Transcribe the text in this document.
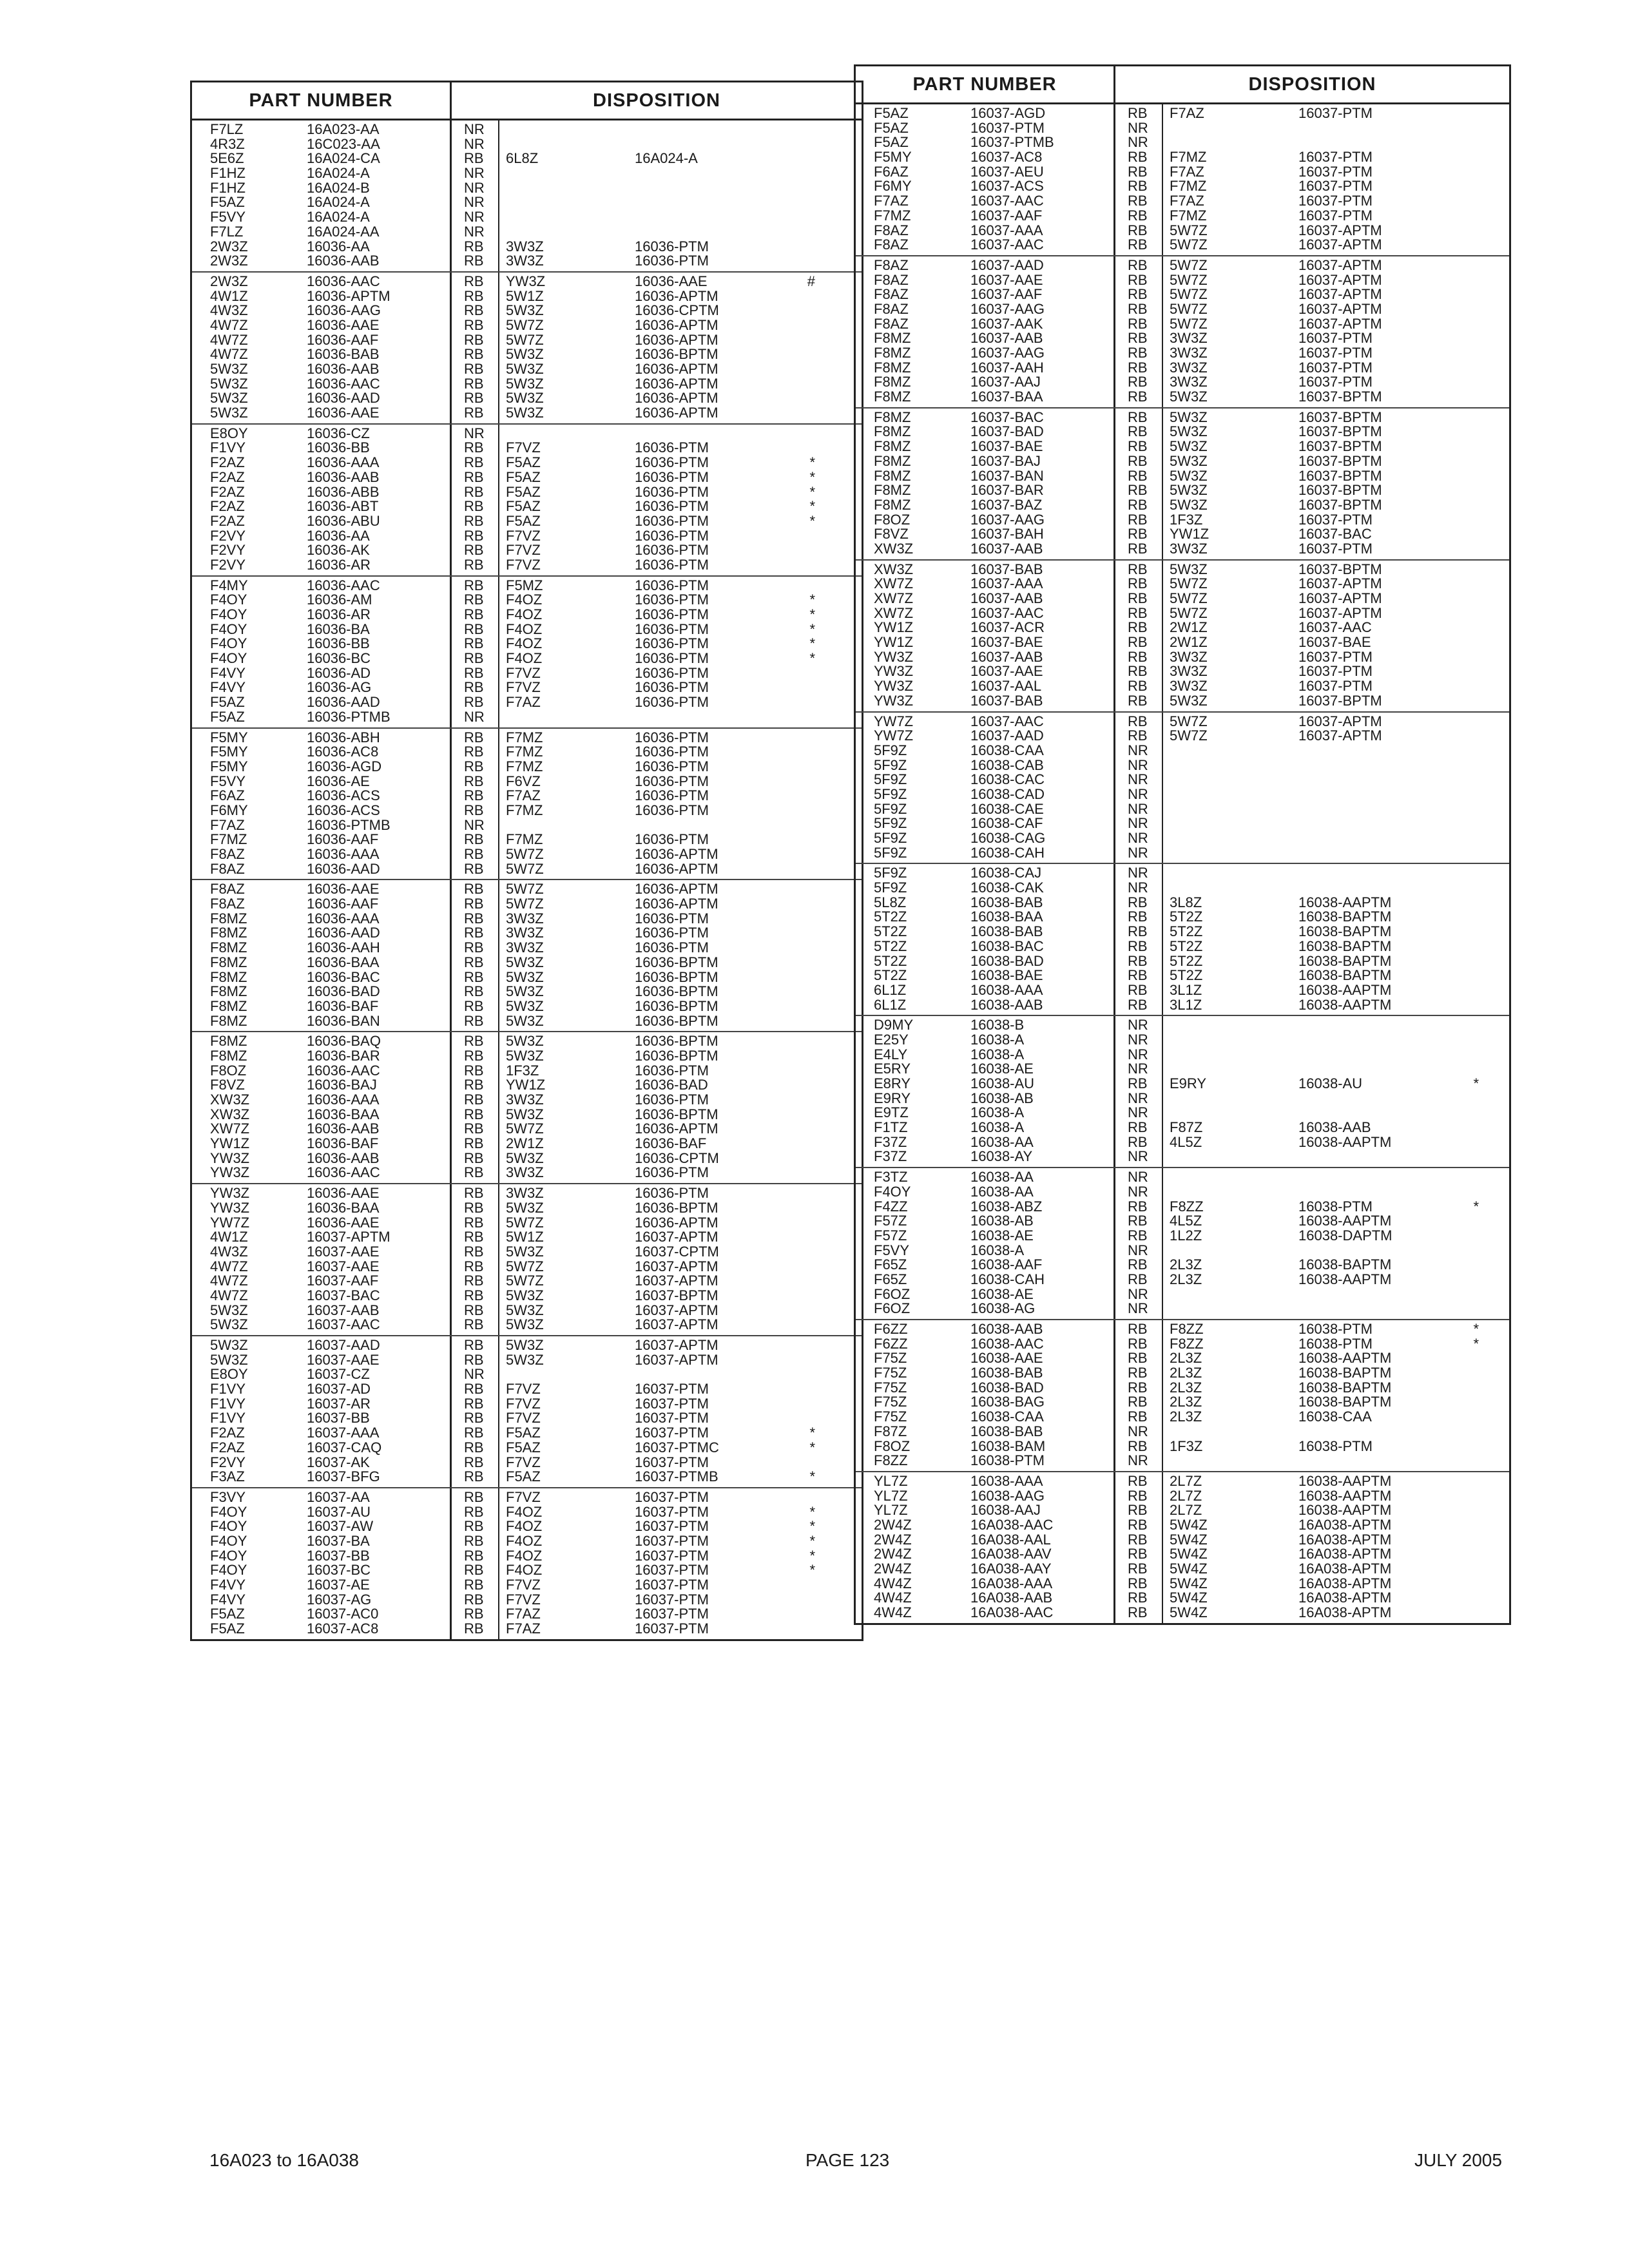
PART NUMBER	DISPOSITION
F7LZ	16A023-AA	NR
4R3Z	16C023-AA	NR
5E6Z	16A024-CA	RB	6L8Z	16A024-A
F1HZ	16A024-A	NR
F1HZ	16A024-B	NR
F5AZ	16A024-A	NR
F5VY	16A024-A	NR
F7LZ	16A024-AA	NR
2W3Z	16036-AA	RB	3W3Z	16036-PTM
2W3Z	16036-AAB	RB	3W3Z	16036-PTM
2W3Z	16036-AAC	RB	YW3Z	16036-AAE	#
4W1Z	16036-APTM	RB	5W1Z	16036-APTM
4W3Z	16036-AAG	RB	5W3Z	16036-CPTM
4W7Z	16036-AAE	RB	5W7Z	16036-APTM
4W7Z	16036-AAF	RB	5W7Z	16036-APTM
4W7Z	16036-BAB	RB	5W3Z	16036-BPTM
5W3Z	16036-AAB	RB	5W3Z	16036-APTM
5W3Z	16036-AAC	RB	5W3Z	16036-APTM
5W3Z	16036-AAD	RB	5W3Z	16036-APTM
5W3Z	16036-AAE	RB	5W3Z	16036-APTM
E8OY	16036-CZ	NR
F1VY	16036-BB	RB	F7VZ	16036-PTM
F2AZ	16036-AAA	RB	F5AZ	16036-PTM	*
F2AZ	16036-AAB	RB	F5AZ	16036-PTM	*
F2AZ	16036-ABB	RB	F5AZ	16036-PTM	*
F2AZ	16036-ABT	RB	F5AZ	16036-PTM	*
F2AZ	16036-ABU	RB	F5AZ	16036-PTM	*
F2VY	16036-AA	RB	F7VZ	16036-PTM
F2VY	16036-AK	RB	F7VZ	16036-PTM
F2VY	16036-AR	RB	F7VZ	16036-PTM
F4MY	16036-AAC	RB	F5MZ	16036-PTM
F4OY	16036-AM	RB	F4OZ	16036-PTM	*
F4OY	16036-AR	RB	F4OZ	16036-PTM	*
F4OY	16036-BA	RB	F4OZ	16036-PTM	*
F4OY	16036-BB	RB	F4OZ	16036-PTM	*
F4OY	16036-BC	RB	F4OZ	16036-PTM	*
F4VY	16036-AD	RB	F7VZ	16036-PTM
F4VY	16036-AG	RB	F7VZ	16036-PTM
F5AZ	16036-AAD	RB	F7AZ	16036-PTM
F5AZ	16036-PTMB	NR
F5MY	16036-ABH	RB	F7MZ	16036-PTM
F5MY	16036-AC8	RB	F7MZ	16036-PTM
F5MY	16036-AGD	RB	F7MZ	16036-PTM
F5VY	16036-AE	RB	F6VZ	16036-PTM
F6AZ	16036-ACS	RB	F7AZ	16036-PTM
F6MY	16036-ACS	RB	F7MZ	16036-PTM
F7AZ	16036-PTMB	NR
F7MZ	16036-AAF	RB	F7MZ	16036-PTM
F8AZ	16036-AAA	RB	5W7Z	16036-APTM
F8AZ	16036-AAD	RB	5W7Z	16036-APTM
F8AZ	16036-AAE	RB	5W7Z	16036-APTM
F8AZ	16036-AAF	RB	5W7Z	16036-APTM
F8MZ	16036-AAA	RB	3W3Z	16036-PTM
F8MZ	16036-AAD	RB	3W3Z	16036-PTM
F8MZ	16036-AAH	RB	3W3Z	16036-PTM
F8MZ	16036-BAA	RB	5W3Z	16036-BPTM
F8MZ	16036-BAC	RB	5W3Z	16036-BPTM
F8MZ	16036-BAD	RB	5W3Z	16036-BPTM
F8MZ	16036-BAF	RB	5W3Z	16036-BPTM
F8MZ	16036-BAN	RB	5W3Z	16036-BPTM
F8MZ	16036-BAQ	RB	5W3Z	16036-BPTM
F8MZ	16036-BAR	RB	5W3Z	16036-BPTM
F8OZ	16036-AAC	RB	1F3Z	16036-PTM
F8VZ	16036-BAJ	RB	YW1Z	16036-BAD
XW3Z	16036-AAA	RB	3W3Z	16036-PTM
XW3Z	16036-BAA	RB	5W3Z	16036-BPTM
XW7Z	16036-AAB	RB	5W7Z	16036-APTM
YW1Z	16036-BAF	RB	2W1Z	16036-BAF
YW3Z	16036-AAB	RB	5W3Z	16036-CPTM
YW3Z	16036-AAC	RB	3W3Z	16036-PTM
YW3Z	16036-AAE	RB	3W3Z	16036-PTM
YW3Z	16036-BAA	RB	5W3Z	16036-BPTM
YW7Z	16036-AAE	RB	5W7Z	16036-APTM
4W1Z	16037-APTM	RB	5W1Z	16037-APTM
4W3Z	16037-AAE	RB	5W3Z	16037-CPTM
4W7Z	16037-AAE	RB	5W7Z	16037-APTM
4W7Z	16037-AAF	RB	5W7Z	16037-APTM
4W7Z	16037-BAC	RB	5W3Z	16037-BPTM
5W3Z	16037-AAB	RB	5W3Z	16037-APTM
5W3Z	16037-AAC	RB	5W3Z	16037-APTM
5W3Z	16037-AAD	RB	5W3Z	16037-APTM
5W3Z	16037-AAE	RB	5W3Z	16037-APTM
E8OY	16037-CZ	NR
F1VY	16037-AD	RB	F7VZ	16037-PTM
F1VY	16037-AR	RB	F7VZ	16037-PTM
F1VY	16037-BB	RB	F7VZ	16037-PTM
F2AZ	16037-AAA	RB	F5AZ	16037-PTM	*
F2AZ	16037-CAQ	RB	F5AZ	16037-PTMC	*
F2VY	16037-AK	RB	F7VZ	16037-PTM
F3AZ	16037-BFG	RB	F5AZ	16037-PTMB	*
F3VY	16037-AA	RB	F7VZ	16037-PTM
F4OY	16037-AU	RB	F4OZ	16037-PTM	*
F4OY	16037-AW	RB	F4OZ	16037-PTM	*
F4OY	16037-BA	RB	F4OZ	16037-PTM	*
F4OY	16037-BB	RB	F4OZ	16037-PTM	*
F4OY	16037-BC	RB	F4OZ	16037-PTM	*
F4VY	16037-AE	RB	F7VZ	16037-PTM
F4VY	16037-AG	RB	F7VZ	16037-PTM
F5AZ	16037-AC0	RB	F7AZ	16037-PTM
F5AZ	16037-AC8	RB	F7AZ	16037-PTM
PART NUMBER	DISPOSITION
F5AZ	16037-AGD	RB	F7AZ	16037-PTM
F5AZ	16037-PTM	NR
F5AZ	16037-PTMB	NR
F5MY	16037-AC8	RB	F7MZ	16037-PTM
F6AZ	16037-AEU	RB	F7AZ	16037-PTM
F6MY	16037-ACS	RB	F7MZ	16037-PTM
F7AZ	16037-AAC	RB	F7AZ	16037-PTM
F7MZ	16037-AAF	RB	F7MZ	16037-PTM
F8AZ	16037-AAA	RB	5W7Z	16037-APTM
F8AZ	16037-AAC	RB	5W7Z	16037-APTM
F8AZ	16037-AAD	RB	5W7Z	16037-APTM
F8AZ	16037-AAE	RB	5W7Z	16037-APTM
F8AZ	16037-AAF	RB	5W7Z	16037-APTM
F8AZ	16037-AAG	RB	5W7Z	16037-APTM
F8AZ	16037-AAK	RB	5W7Z	16037-APTM
F8MZ	16037-AAB	RB	3W3Z	16037-PTM
F8MZ	16037-AAG	RB	3W3Z	16037-PTM
F8MZ	16037-AAH	RB	3W3Z	16037-PTM
F8MZ	16037-AAJ	RB	3W3Z	16037-PTM
F8MZ	16037-BAA	RB	5W3Z	16037-BPTM
F8MZ	16037-BAC	RB	5W3Z	16037-BPTM
F8MZ	16037-BAD	RB	5W3Z	16037-BPTM
F8MZ	16037-BAE	RB	5W3Z	16037-BPTM
F8MZ	16037-BAJ	RB	5W3Z	16037-BPTM
F8MZ	16037-BAN	RB	5W3Z	16037-BPTM
F8MZ	16037-BAR	RB	5W3Z	16037-BPTM
F8MZ	16037-BAZ	RB	5W3Z	16037-BPTM
F8OZ	16037-AAG	RB	1F3Z	16037-PTM
F8VZ	16037-BAH	RB	YW1Z	16037-BAC
XW3Z	16037-AAB	RB	3W3Z	16037-PTM
XW3Z	16037-BAB	RB	5W3Z	16037-BPTM
XW7Z	16037-AAA	RB	5W7Z	16037-APTM
XW7Z	16037-AAB	RB	5W7Z	16037-APTM
XW7Z	16037-AAC	RB	5W7Z	16037-APTM
YW1Z	16037-ACR	RB	2W1Z	16037-AAC
YW1Z	16037-BAE	RB	2W1Z	16037-BAE
YW3Z	16037-AAB	RB	3W3Z	16037-PTM
YW3Z	16037-AAE	RB	3W3Z	16037-PTM
YW3Z	16037-AAL	RB	3W3Z	16037-PTM
YW3Z	16037-BAB	RB	5W3Z	16037-BPTM
YW7Z	16037-AAC	RB	5W7Z	16037-APTM
YW7Z	16037-AAD	RB	5W7Z	16037-APTM
5F9Z	16038-CAA	NR
5F9Z	16038-CAB	NR
5F9Z	16038-CAC	NR
5F9Z	16038-CAD	NR
5F9Z	16038-CAE	NR
5F9Z	16038-CAF	NR
5F9Z	16038-CAG	NR
5F9Z	16038-CAH	NR
5F9Z	16038-CAJ	NR
5F9Z	16038-CAK	NR
5L8Z	16038-BAB	RB	3L8Z	16038-AAPTM
5T2Z	16038-BAA	RB	5T2Z	16038-BAPTM
5T2Z	16038-BAB	RB	5T2Z	16038-BAPTM
5T2Z	16038-BAC	RB	5T2Z	16038-BAPTM
5T2Z	16038-BAD	RB	5T2Z	16038-BAPTM
5T2Z	16038-BAE	RB	5T2Z	16038-BAPTM
6L1Z	16038-AAA	RB	3L1Z	16038-AAPTM
6L1Z	16038-AAB	RB	3L1Z	16038-AAPTM
D9MY	16038-B	NR
E25Y	16038-A	NR
E4LY	16038-A	NR
E5RY	16038-AE	NR
E8RY	16038-AU	RB	E9RY	16038-AU	*
E9RY	16038-AB	NR
E9TZ	16038-A	NR
F1TZ	16038-A	RB	F87Z	16038-AAB
F37Z	16038-AA	RB	4L5Z	16038-AAPTM
F37Z	16038-AY	NR
F3TZ	16038-AA	NR
F4OY	16038-AA	NR
F4ZZ	16038-ABZ	RB	F8ZZ	16038-PTM	*
F57Z	16038-AB	RB	4L5Z	16038-AAPTM
F57Z	16038-AE	RB	1L2Z	16038-DAPTM
F5VY	16038-A	NR
F65Z	16038-AAF	RB	2L3Z	16038-BAPTM
F65Z	16038-CAH	RB	2L3Z	16038-AAPTM
F6OZ	16038-AE	NR
F6OZ	16038-AG	NR
F6ZZ	16038-AAB	RB	F8ZZ	16038-PTM	*
F6ZZ	16038-AAC	RB	F8ZZ	16038-PTM	*
F75Z	16038-AAE	RB	2L3Z	16038-AAPTM
F75Z	16038-BAB	RB	2L3Z	16038-BAPTM
F75Z	16038-BAD	RB	2L3Z	16038-BAPTM
F75Z	16038-BAG	RB	2L3Z	16038-BAPTM
F75Z	16038-CAA	RB	2L3Z	16038-CAA
F87Z	16038-BAB	NR
F8OZ	16038-BAM	RB	1F3Z	16038-PTM
F8ZZ	16038-PTM	NR
YL7Z	16038-AAA	RB	2L7Z	16038-AAPTM
YL7Z	16038-AAG	RB	2L7Z	16038-AAPTM
YL7Z	16038-AAJ	RB	2L7Z	16038-AAPTM
2W4Z	16A038-AAC	RB	5W4Z	16A038-APTM
2W4Z	16A038-AAL	RB	5W4Z	16A038-APTM
2W4Z	16A038-AAV	RB	5W4Z	16A038-APTM
2W4Z	16A038-AAY	RB	5W4Z	16A038-APTM
4W4Z	16A038-AAA	RB	5W4Z	16A038-APTM
4W4Z	16A038-AAB	RB	5W4Z	16A038-APTM
4W4Z	16A038-AAC	RB	5W4Z	16A038-APTM
16A023 to 16A038	PAGE 123	JULY 2005
